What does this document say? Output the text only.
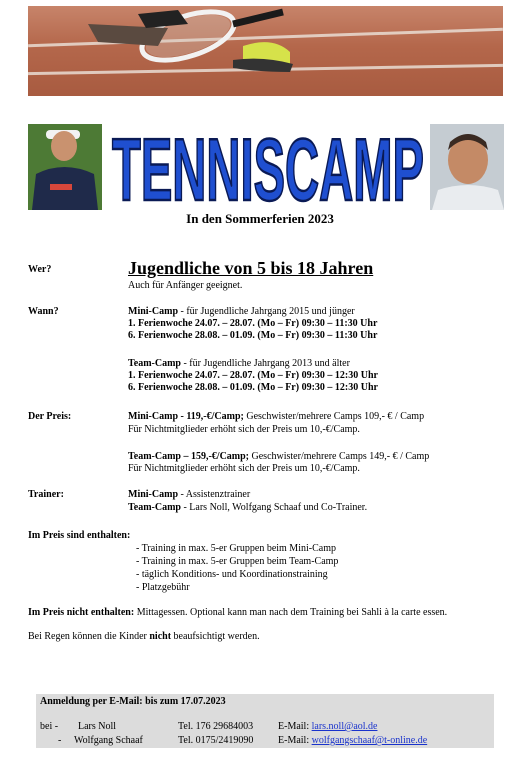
TENNISCAMP
In den Sommerferien 2023
Wer?	Jugendliche von 5 bis 18 Jahren
Auch für Anfänger geeignet.
Wann?	Mini-Camp - für Jugendliche Jahrgang 2015 und jünger
1. Ferienwoche 24.07. – 28.07. (Mo – Fr) 09:30 – 11:30 Uhr
6. Ferienwoche 28.08. – 01.09. (Mo – Fr) 09:30 – 11:30 Uhr
Team-Camp - für Jugendliche Jahrgang 2013 und älter
1. Ferienwoche 24.07. – 28.07. (Mo – Fr) 09:30 – 12:30 Uhr
6. Ferienwoche 28.08. – 01.09. (Mo – Fr) 09:30 – 12:30 Uhr
Der Preis:	Mini-Camp - 119,-€/Camp; Geschwister/mehrere Camps 109,- € / Camp
Für Nichtmitglieder erhöht sich der Preis um 10,-€/Camp.
Team-Camp – 159,-€/Camp; Geschwister/mehrere Camps 149,- € / Camp
Für Nichtmitglieder erhöht sich der Preis um 10,-€/Camp.
Trainer:	Mini-Camp - Assistenztrainer
Team-Camp - Lars Noll, Wolfgang Schaaf und Co-Trainer.
Im Preis sind enthalten:
- Training in max. 5-er Gruppen beim Mini-Camp
- Training in max. 5-er Gruppen beim Team-Camp
- täglich Konditions- und Koordinationstraining
- Platzgebühr
Im Preis nicht enthalten: Mittagessen. Optional kann man nach dem Training bei Sahli à la carte essen.
Bei Regen können die Kinder nicht beaufsichtigt werden.
Anmeldung per E-Mail: bis zum 17.07.2023
bei - Lars Noll	Tel. 176 29684003 E-Mail: lars.noll@aol.de
- Wolfgang Schaaf	Tel. 0175/2419090 E-Mail: wolfgangschaaf@t-online.de
